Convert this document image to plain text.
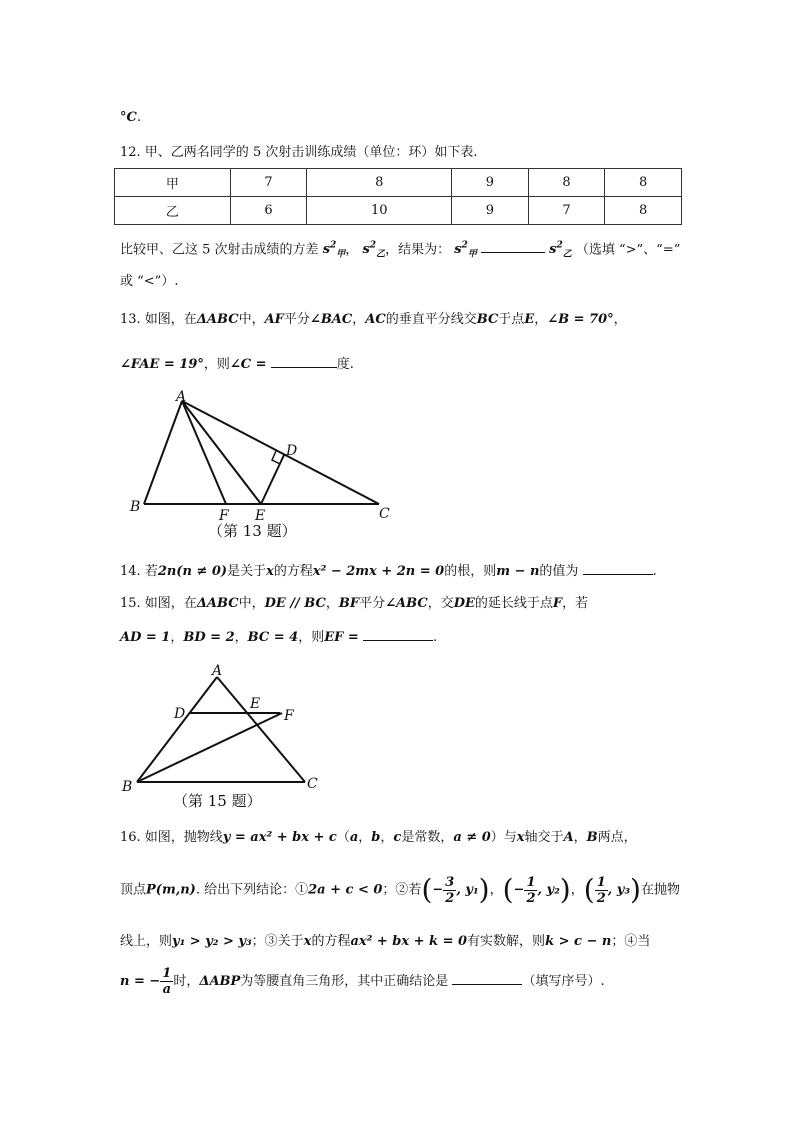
°C.
12. 甲、乙两名同学的 5 次射击训练成绩（单位：环）如下表.
甲	7	8	9	8	8
乙	6	10	9	7	8
比较甲、乙这 5 次射击成绩的方差 $s^2_甲$， $s^2_乙$，结果为： $s^2_甲$	$s^2_乙$ （选填 “>”、“=”
或 “<”）.
13. 如图，在ΔABC中，AF平分∠BAC，AC的垂直平分线交BC于点E，∠B = 70°，
∠FAE = 19°，则∠C =	度.
A
B
F E
D
C
（第 13 题）
14. 若2n(n ≠ 0)是关于x的方程x² − 2mx + 2n = 0的根，则m − n的值为	.
15. 如图，在ΔABC中，DE // BC，BF平分∠ABC，交DE的延长线于点F，若
AD = 1，BD = 2，BC = 4，则EF =	.
A
D
E
F
B	C
（第 15 题）
16. 如图，抛物线y = ax² + bx + c（a，b，c是常数，a ≠ 0）与x轴交于A，B两点，
顶点P(m,n). 给出下列结论：①2a + c < 0；②若(− $\frac{3}{2}$ , y₁)，(− $\frac{1}{2}$ , y₂)，( $\frac{1}{2}$ , y₃)在抛物
线上，则y₁ > y₂ > y₃；③关于x的方程ax² + bx + k = 0有实数解，则k > c − n；④当
n = − $\frac{1}{a}$ 时，ΔABP为等腰直角三角形，其中正确结论是	（填写序号）.
